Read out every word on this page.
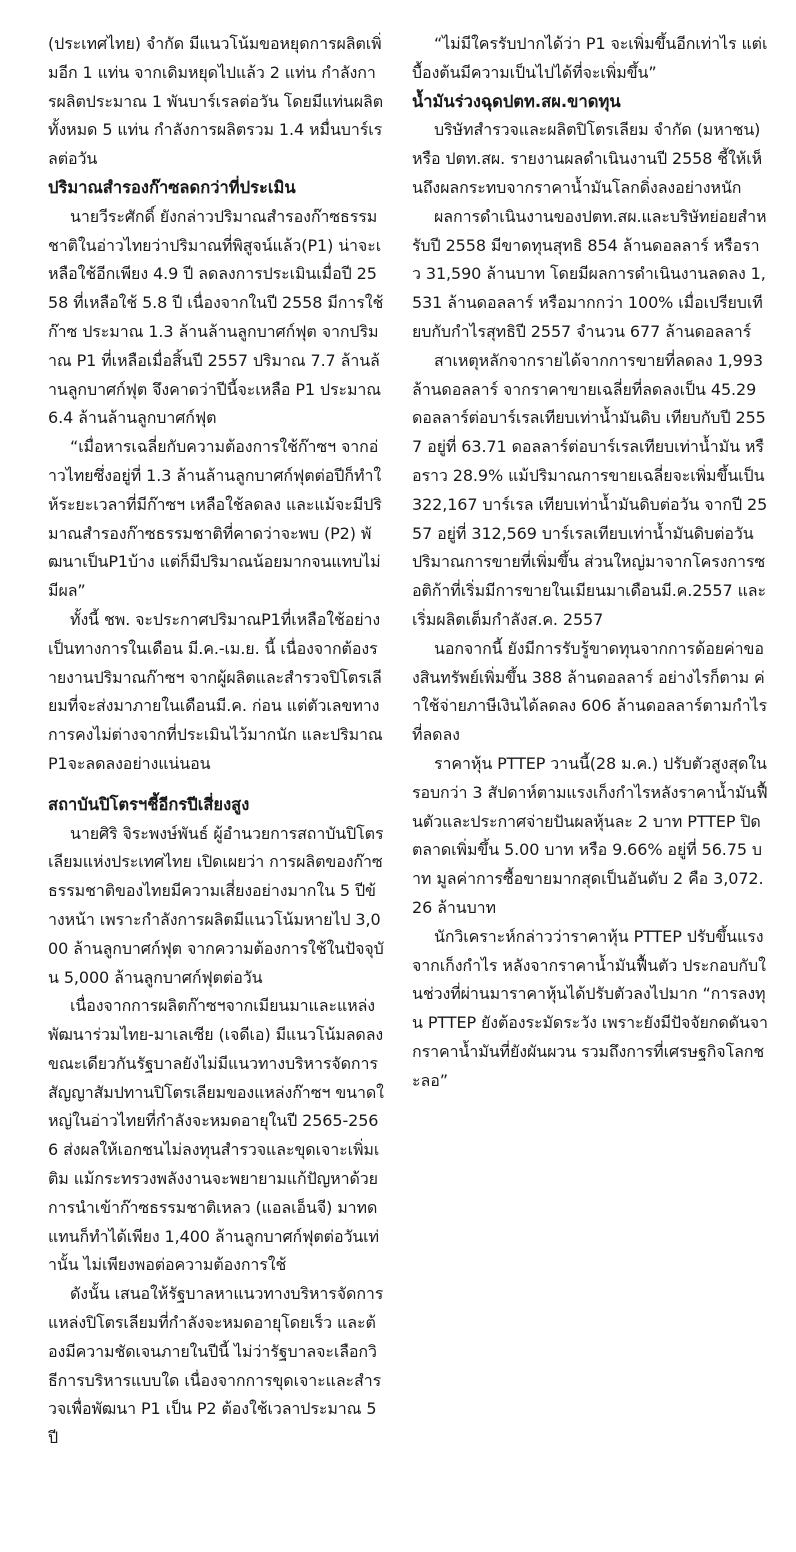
(ประเทศไทย) จำกัด มีแนวโน้มขอหยุดการผลิตเพิ่มอีก 1 แท่น จากเดิมหยุดไปแล้ว 2 แท่น กำลังการผลิตประมาณ 1 พันบาร์เรลต่อวัน โดยมีแท่นผลิตทั้งหมด 5 แท่น กำลังการผลิตรวม 1.4 หมื่นบาร์เรลต่อวัน

ปริมาณสำรองก๊าซลดกว่าที่ประเมิน

นายวีระศักดิ์ ยังกล่าวปริมาณสำรองก๊าซธรรมชาติในอ่าวไทยว่าปริมาณที่พิสูจน์แล้ว(P1) น่าจะเหลือใช้อีกเพียง 4.9 ปี ลดลงการประเมินเมื่อปี 2558 ที่เหลือใช้ 5.8 ปี เนื่องจากในปี 2558 มีการใช้ก๊าซ ประมาณ 1.3 ล้านล้านลูกบาศก์ฟุต จากปริมาณ P1 ที่เหลือเมื่อสิ้นปี 2557 ปริมาณ 7.7 ล้านล้านลูกบาศก์ฟุต จึงคาดว่าปีนี้จะเหลือ P1 ประมาณ 6.4 ล้านล้านลูกบาศก์ฟุต

“เมื่อหารเฉลี่ยกับความต้องการใช้ก๊าซฯ จากอ่าวไทยซึ่งอยู่ที่ 1.3 ล้านล้านลูกบาศก์ฟุตต่อปีก็ทำให้ระยะเวลาที่มีก๊าซฯ เหลือใช้ลดลง และแม้จะมีปริมาณสำรองก๊าซธรรมชาติที่คาดว่าจะพบ (P2) พัฒนาเป็นP1บ้าง แต่ก็มีปริมาณน้อยมากจนแทบไม่มีผล”

ทั้งนี้ ชพ. จะประกาศปริมาณP1ที่เหลือใช้อย่างเป็นทางการในเดือน มี.ค.-เม.ย. นี้ เนื่องจากต้องรายงานปริมาณก๊าซฯ จากผู้ผลิตและสำรวจปิโตรเลียมที่จะส่งมาภายในเดือนมี.ค. ก่อน แต่ตัวเลขทางการคงไม่ต่างจากที่ประเมินไว้มากนัก และปริมาณP1จะลดลงอย่างแน่นอน

สถาบันปิโตรฯชี้อีกรปีเสี่ยงสูง

นายศิริ จิระพงษ์พันธ์ ผู้อำนวยการสถาบันปิโตรเลียมแห่งประเทศไทย เปิดเผยว่า การผลิตของก๊าซธรรมชาติของไทยมีความเสี่ยงอย่างมากใน 5 ปีข้างหน้า เพราะกำลังการผลิตมีแนวโน้มหายไป 3,000 ล้านลูกบาศก์ฟุต จากความต้องการใช้ในปัจจุบัน 5,000 ล้านลูกบาศก์ฟุตต่อวัน

เนื่องจากการผลิตก๊าซฯจากเมียนมาและแหล่งพัฒนาร่วมไทย-มาเลเซีย (เจดีเอ) มีแนวโน้มลดลง ขณะเดียวกันรัฐบาลยังไม่มีแนวทางบริหารจัดการสัญญาสัมปทานปิโตรเลียมของแหล่งก๊าซฯ ขนาดใหญ่ในอ่าวไทยที่กำลังจะหมดอายุในปี 2565-2566 ส่งผลให้เอกชนไม่ลงทุนสำรวจและขุดเจาะเพิ่มเติม แม้กระทรวงพลังงานจะพยายามแก้ปัญหาด้วยการนำเข้าก๊าซธรรมชาติเหลว (แอลเอ็นจี) มาทดแทนก็ทำได้เพียง 1,400 ล้านลูกบาศก์ฟุตต่อวันเท่านั้น ไม่เพียงพอต่อความต้องการใช้

ดังนั้น เสนอให้รัฐบาลหาแนวทางบริหารจัดการแหล่งปิโตรเลียมที่กำลังจะหมดอายุโดยเร็ว และต้องมีความชัดเจนภายในปีนี้ ไม่ว่ารัฐบาลจะเลือกวิธีการบริหารแบบใด เนื่องจากการขุดเจาะและสำรวจเพื่อพัฒนา P1 เป็น P2 ต้องใช้เวลาประมาณ 5 ปี

“ไม่มีใครรับปากได้ว่า P1 จะเพิ่มขึ้นอีกเท่าไร แต่เบื้องต้นมีความเป็นไปได้ที่จะเพิ่มขึ้น”

น้ำมันร่วงฉุดปตท.สผ.ขาดทุน

บริษัทสำรวจและผลิตปิโตรเลียม จำกัด (มหาชน) หรือ ปตท.สผ. รายงานผลดำเนินงานปี 2558 ชี้ให้เห็นถึงผลกระทบจากราคาน้ำมันโลกดิ่งลงอย่างหนัก

ผลการดำเนินงานของปตท.สผ.และบริษัทย่อยสำหรับปี 2558 มีขาดทุนสุทธิ 854 ล้านดอลลาร์ หรือราว 31,590 ล้านบาท โดยมีผลการดำเนินงานลดลง 1,531 ล้านดอลลาร์ หรือมากกว่า 100% เมื่อเปรียบเทียบกับกำไรสุทธิปี 2557 จำนวน 677 ล้านดอลลาร์

สาเหตุหลักจากรายได้จากการขายที่ลดลง 1,993 ล้านดอลลาร์ จากราคาขายเฉลี่ยที่ลดลงเป็น 45.29 ดอลลาร์ต่อบาร์เรลเทียบเท่าน้ำมันดิบ เทียบกับปี 2557 อยู่ที่ 63.71 ดอลลาร์ต่อบาร์เรลเทียบเท่าน้ำมัน หรือราว 28.9% แม้ปริมาณการขายเฉลี่ยจะเพิ่มขึ้นเป็น 322,167 บาร์เรล เทียบเท่าน้ำมันดิบต่อวัน จากปี 2557 อยู่ที่ 312,569 บาร์เรลเทียบเท่าน้ำมันดิบต่อวัน ปริมาณการขายที่เพิ่มขึ้น ส่วนใหญ่มาจากโครงการซอติก้าที่เริ่มมีการขายในเมียนมาเดือนมี.ค.2557 และเริ่มผลิตเต็มกำลังส.ค. 2557

นอกจากนี้ ยังมีการรับรู้ขาดทุนจากการด้อยค่าของสินทรัพย์เพิ่มขึ้น 388 ล้านดอลลาร์ อย่างไรก็ตาม ค่าใช้จ่ายภาษีเงินได้ลดลง 606 ล้านดอลลาร์ตามกำไรที่ลดลง

ราคาหุ้น PTTEP วานนี้(28 ม.ค.) ปรับตัวสูงสุดในรอบกว่า 3 สัปดาห์ตามแรงเก็งกำไรหลังราคาน้ำมันฟื้นตัวและประกาศจ่ายปันผลหุ้นละ 2 บาท PTTEP ปิดตลาดเพิ่มขึ้น 5.00 บาท หรือ 9.66% อยู่ที่ 56.75 บาท มูลค่าการซื้อขายมากสุดเป็นอันดับ 2 คือ 3,072.26 ล้านบาท

นักวิเคราะห์กล่าวว่าราคาหุ้น PTTEP ปรับขึ้นแรง จากเก็งกำไร หลังจากราคาน้ำมันฟื้นตัว ประกอบกับในช่วงที่ผ่านมาราคาหุ้นได้ปรับตัวลงไปมาก “การลงทุน PTTEP ยังต้องระมัดระวัง เพราะยังมีปัจจัยกดดันจากราคาน้ำมันที่ยังผันผวน รวมถึงการที่เศรษฐกิจโลกชะลอ”
